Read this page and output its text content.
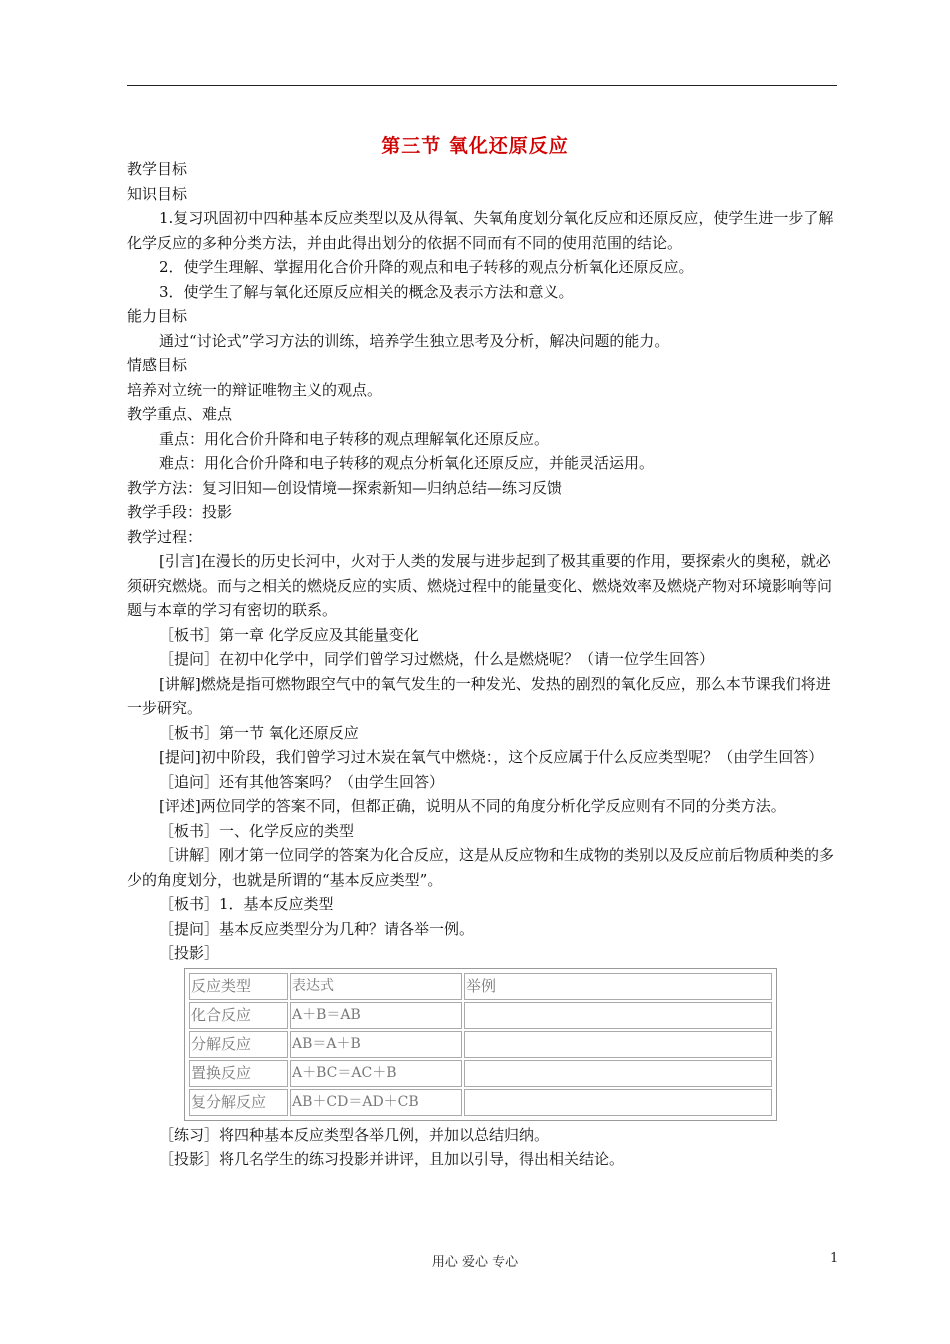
第三节 氧化还原反应

教学目标

知识目标

1.复习巩固初中四种基本反应类型以及从得氧、失氧角度划分氧化反应和还原反应，使学生进一步了解化学反应的多种分类方法，并由此得出划分的依据不同而有不同的使用范围的结论。

2．使学生理解、掌握用化合价升降的观点和电子转移的观点分析氧化还原反应。

3．使学生了解与氧化还原反应相关的概念及表示方法和意义。

能力目标

通过“讨论式”学习方法的训练，培养学生独立思考及分析，解决问题的能力。

情感目标

培养对立统一的辩证唯物主义的观点。

教学重点、难点

重点：用化合价升降和电子转移的观点理解氧化还原反应。

难点：用化合价升降和电子转移的观点分析氧化还原反应，并能灵活运用。

教学方法：复习旧知—创设情境—探索新知—归纳总结—练习反馈

教学手段：投影

教学过程：

[引言]在漫长的历史长河中，火对于人类的发展与进步起到了极其重要的作用，要探索火的奥秘，就必须研究燃烧。而与之相关的燃烧反应的实质、燃烧过程中的能量变化、燃烧效率及燃烧产物对环境影响等问题与本章的学习有密切的联系。

［板书］第一章 化学反应及其能量变化

［提问］在初中化学中，同学们曾学习过燃烧，什么是燃烧呢？（请一位学生回答）

[讲解]燃烧是指可燃物跟空气中的氧气发生的一种发光、发热的剧烈的氧化反应，那么本节课我们将进一步研究。

［板书］第一节 氧化还原反应

[提问]初中阶段，我们曾学习过木炭在氧气中燃烧：，这个反应属于什么反应类型呢？（由学生回答）

［追问］还有其他答案吗？（由学生回答）

[评述]两位同学的答案不同，但都正确，说明从不同的角度分析化学反应则有不同的分类方法。

［板书］一、化学反应的类型

［讲解］刚才第一位同学的答案为化合反应，这是从反应物和生成物的类别以及反应前后物质种类的多少的角度划分，也就是所谓的“基本反应类型”。

［板书］1．基本反应类型

［提问］基本反应类型分为几种？请各举一例。

［投影］

反应类型	表达式	举例
化合反应	A＋B＝AB	
分解反应	AB＝A＋B	
置换反应	A＋BC＝AC＋B	
复分解反应	AB＋CD＝AD＋CB	

［练习］将四种基本反应类型各举几例，并加以总结归纳。

［投影］将几名学生的练习投影并讲评，且加以引导，得出相关结论。

用心 爱心 专心	1
